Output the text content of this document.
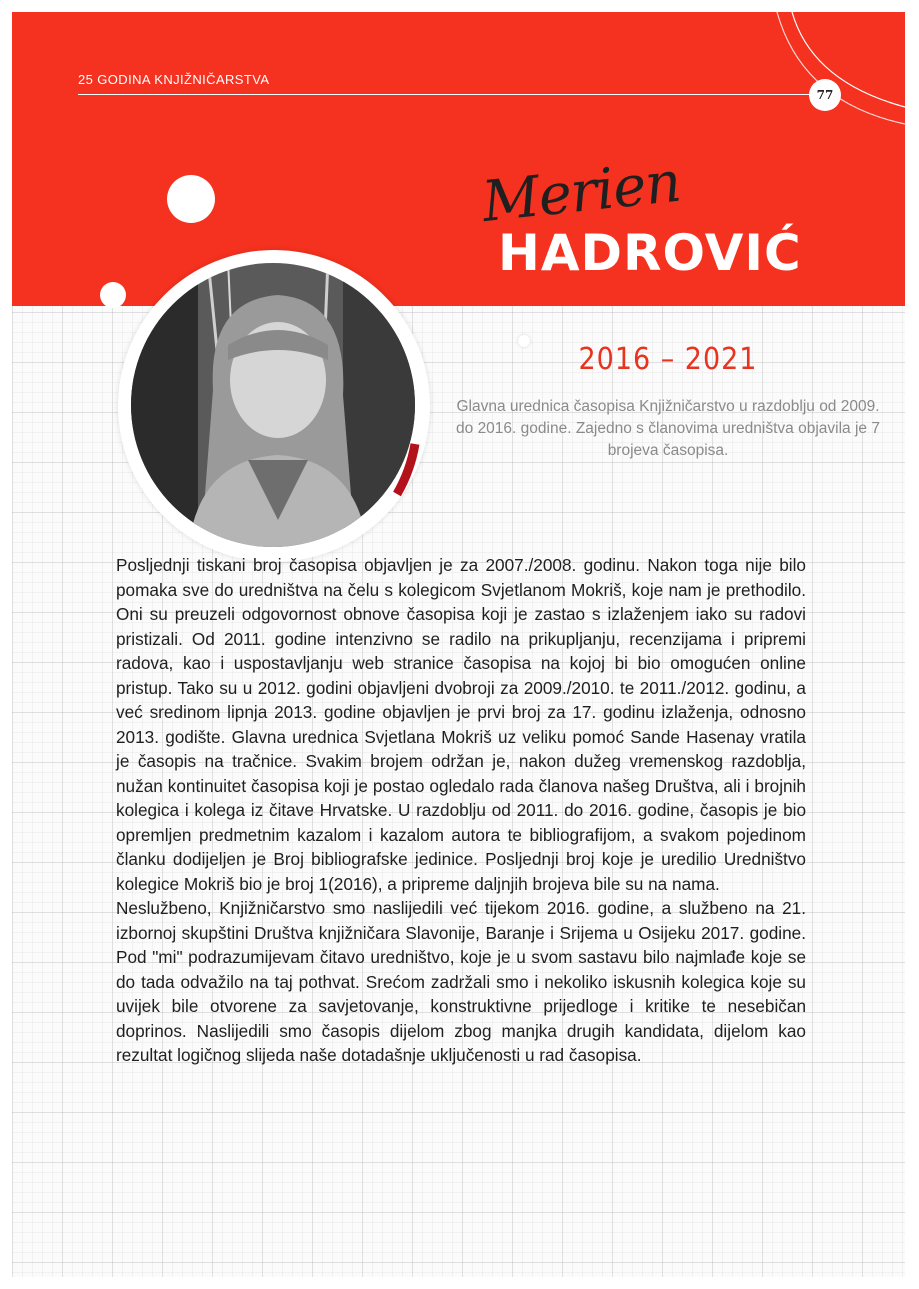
25 GODINA KNJIŽNIČARSTVA
77
Merien
HADROVIĆ
2016 – 2021
Glavna urednica časopisa Knjižničarstvo u razdoblju od 2009. do 2016. godine. Zajedno s članovima uredništva objavila je 7 brojeva časopisa.

Posljednji tiskani broj časopisa objavljen je za 2007./2008. godinu. Nakon toga nije bilo pomaka sve do uredništva na čelu s kolegicom Svjetlanom Mokriš, koje nam je prethodilo. Oni su preuzeli odgovornost obnove časopisa koji je zastao s izlaženjem iako su radovi pristizali. Od 2011. godine intenzivno se radilo na prikupljanju, recenzijama i pripremi radova, kao i uspostavljanju web stranice časopisa na kojoj bi bio omogućen online pristup. Tako su u 2012. godini objavljeni dvobroji za 2009./2010. te 2011./2012. godinu, a već sredinom lipnja 2013. godine objavljen je prvi broj za 17. godinu izlaženja, odnosno 2013. godište. Glavna urednica Svjetlana Mokriš uz veliku pomoć Sande Hasenay vratila je časopis na tračnice. Svakim brojem održan je, nakon dužeg vremenskog razdoblja, nužan kontinuitet časopisa koji je postao ogledalo rada članova našeg Društva, ali i brojnih kolegica i kolega iz čitave Hrvatske. U razdoblju od 2011. do 2016. godine, časopis je bio opremljen predmetnim kazalom i kazalom autora te bibliografijom, a svakom pojedinom članku dodijeljen je Broj bibliografske jedinice. Posljednji broj koje je uredilio Uredništvo kolegice Mokriš bio je broj 1(2016), a pripreme daljnjih brojeva bile su na nama.

Neslužbeno, Knjižničarstvo smo naslijedili već tijekom 2016. godine, a službeno na 21. izbornoj skupštini Društva knjižničara Slavonije, Baranje i Srijema u Osijeku 2017. godine. Pod "mi" podrazumijevam čitavo uredništvo, koje je u svom sastavu bilo najmlađe koje se do tada odvažilo na taj pothvat. Srećom zadržali smo i nekoliko iskusnih kolegica koje su uvijek bile otvorene za savjetovanje, konstruktivne prijedloge i kritike te nesebičan doprinos. Naslijedili smo časopis dijelom zbog manjka drugih kandidata, dijelom kao rezultat logičnog slijeda naše dotadašnje uključenosti u rad časopisa.
